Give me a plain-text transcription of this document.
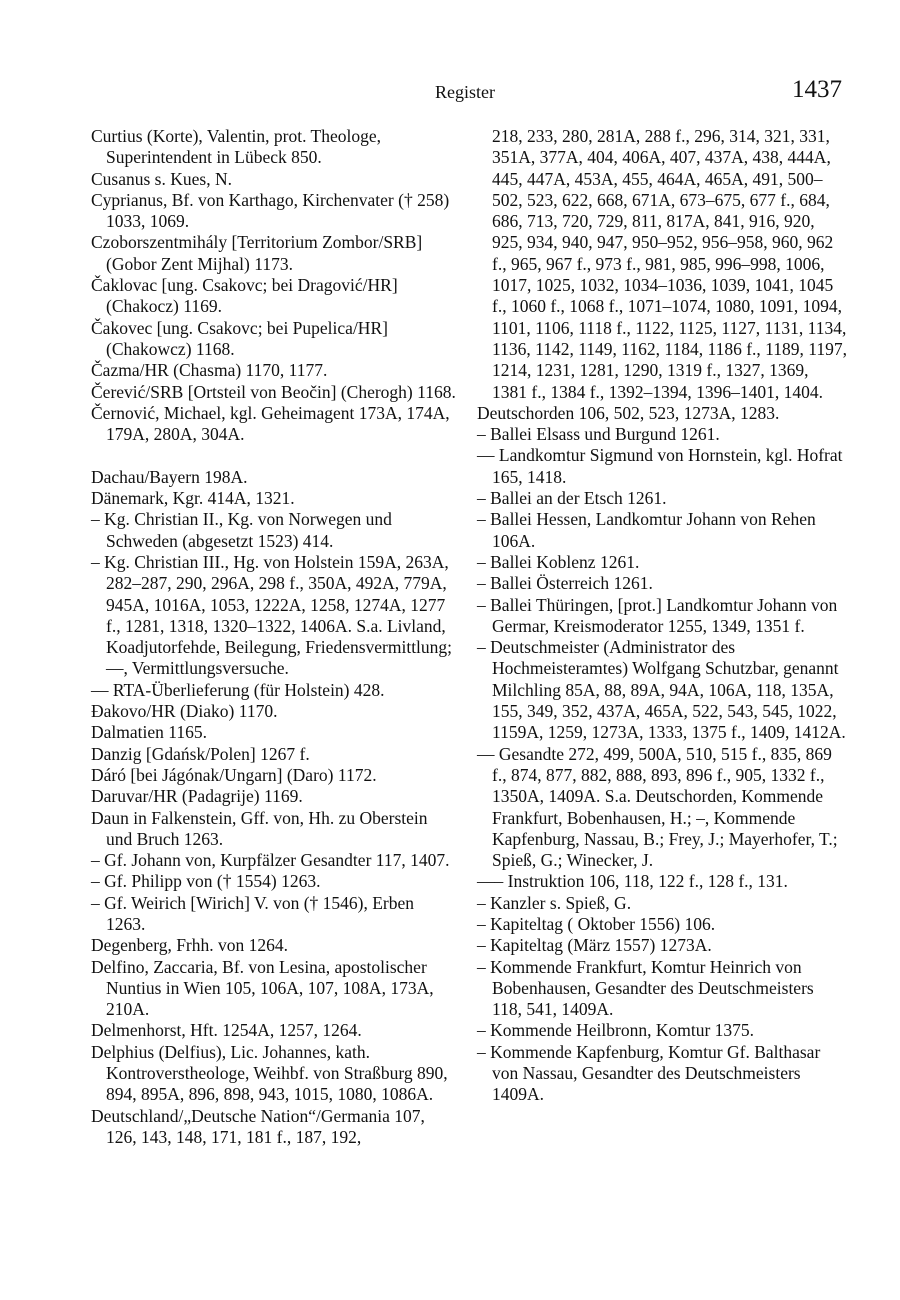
Register	1437

Curtius (Korte), Valentin, prot. Theologe, Superintendent in Lübeck 850.

Cusanus s. Kues, N.

Cyprianus, Bf. von Karthago, Kirchenvater († 258) 1033, 1069.

Czoborszentmihály [Territorium Zombor/SRB] (Gobor Zent Mijhal) 1173.

Čaklovac [ung. Csakovc; bei Dragović/HR] (Chakocz) 1169.

Čakovec [ung. Csakovc; bei Pupelica/HR] (Chakowcz) 1168.

Čazma/HR (Chasma) 1170, 1177.

Čerević/SRB [Ortsteil von Beočin] (Cherogh) 1168.

Černović, Michael, kgl. Geheimagent 173A, 174A, 179A, 280A, 304A.

Dachau/Bayern 198A.

Dänemark, Kgr. 414A, 1321.

– Kg. Christian II., Kg. von Norwegen und Schweden (abgesetzt 1523) 414.

– Kg. Christian III., Hg. von Holstein 159A, 263A, 282–287, 290, 296A, 298 f., 350A, 492A, 779A, 945A, 1016A, 1053, 1222A, 1258, 1274A, 1277 f., 1281, 1318, 1320–1322, 1406A. S.a. Livland, Koadjutorfehde, Beilegung, Friedensvermittlung; ––, Vermittlungsversuche.

–– RTA-Überlieferung (für Holstein) 428.

Đakovo/HR (Diako) 1170.

Dalmatien 1165.

Danzig [Gdańsk/Polen] 1267 f.

Dáró [bei Jágónak/Ungarn] (Daro) 1172.

Daruvar/HR (Padagrije) 1169.

Daun in Falkenstein, Gff. von, Hh. zu Oberstein und Bruch 1263.

– Gf. Johann von, Kurpfälzer Gesandter 117, 1407.

– Gf. Philipp von († 1554) 1263.

– Gf. Weirich [Wirich] V. von († 1546), Erben 1263.

Degenberg, Frhh. von 1264.

Delfino, Zaccaria, Bf. von Lesina, apostolischer Nuntius in Wien 105, 106A, 107, 108A, 173A, 210A.

Delmenhorst, Hft. 1254A, 1257, 1264.

Delphius (Delfius), Lic. Johannes, kath. Kontroverstheologe, Weihbf. von Straßburg 890, 894, 895A, 896, 898, 943, 1015, 1080, 1086A.

Deutschland/„Deutsche Nation“/Germania 107, 126, 143, 148, 171, 181 f., 187, 192,

218, 233, 280, 281A, 288 f., 296, 314, 321, 331, 351A, 377A, 404, 406A, 407, 437A, 438, 444A, 445, 447A, 453A, 455, 464A, 465A, 491, 500–502, 523, 622, 668, 671A, 673–675, 677 f., 684, 686, 713, 720, 729, 811, 817A, 841, 916, 920, 925, 934, 940, 947, 950–952, 956–958, 960, 962 f., 965, 967 f., 973 f., 981, 985, 996–998, 1006, 1017, 1025, 1032, 1034–1036, 1039, 1041, 1045 f., 1060 f., 1068 f., 1071–1074, 1080, 1091, 1094, 1101, 1106, 1118 f., 1122, 1125, 1127, 1131, 1134, 1136, 1142, 1149, 1162, 1184, 1186 f., 1189, 1197, 1214, 1231, 1281, 1290, 1319 f., 1327, 1369, 1381 f., 1384 f., 1392–1394, 1396–1401, 1404.

Deutschorden 106, 502, 523, 1273A, 1283.

– Ballei Elsass und Burgund 1261.

–– Landkomtur Sigmund von Hornstein, kgl. Hofrat 165, 1418.

– Ballei an der Etsch 1261.

– Ballei Hessen, Landkomtur Johann von Rehen 106A.

– Ballei Koblenz 1261.

– Ballei Österreich 1261.

– Ballei Thüringen, [prot.] Landkomtur Johann von Germar, Kreismoderator 1255, 1349, 1351 f.

– Deutschmeister (Administrator des Hochmeisteramtes) Wolfgang Schutzbar, genannt Milchling 85A, 88, 89A, 94A, 106A, 118, 135A, 155, 349, 352, 437A, 465A, 522, 543, 545, 1022, 1159A, 1259, 1273A, 1333, 1375 f., 1409, 1412A.

–– Gesandte 272, 499, 500A, 510, 515 f., 835, 869 f., 874, 877, 882, 888, 893, 896 f., 905, 1332 f., 1350A, 1409A. S.a. Deutschorden, Kommende Frankfurt, Bobenhausen, H.; –, Kommende Kapfenburg, Nassau, B.; Frey, J.; Mayerhofer, T.; Spieß, G.; Winecker, J.

––– Instruktion 106, 118, 122 f., 128 f., 131.

– Kanzler s. Spieß, G.

– Kapiteltag ( Oktober 1556) 106.

– Kapiteltag (März 1557) 1273A.

– Kommende Frankfurt, Komtur Heinrich von Bobenhausen, Gesandter des Deutschmeisters 118, 541, 1409A.

– Kommende Heilbronn, Komtur 1375.

– Kommende Kapfenburg, Komtur Gf. Balthasar von Nassau, Gesandter des Deutschmeisters 1409A.
